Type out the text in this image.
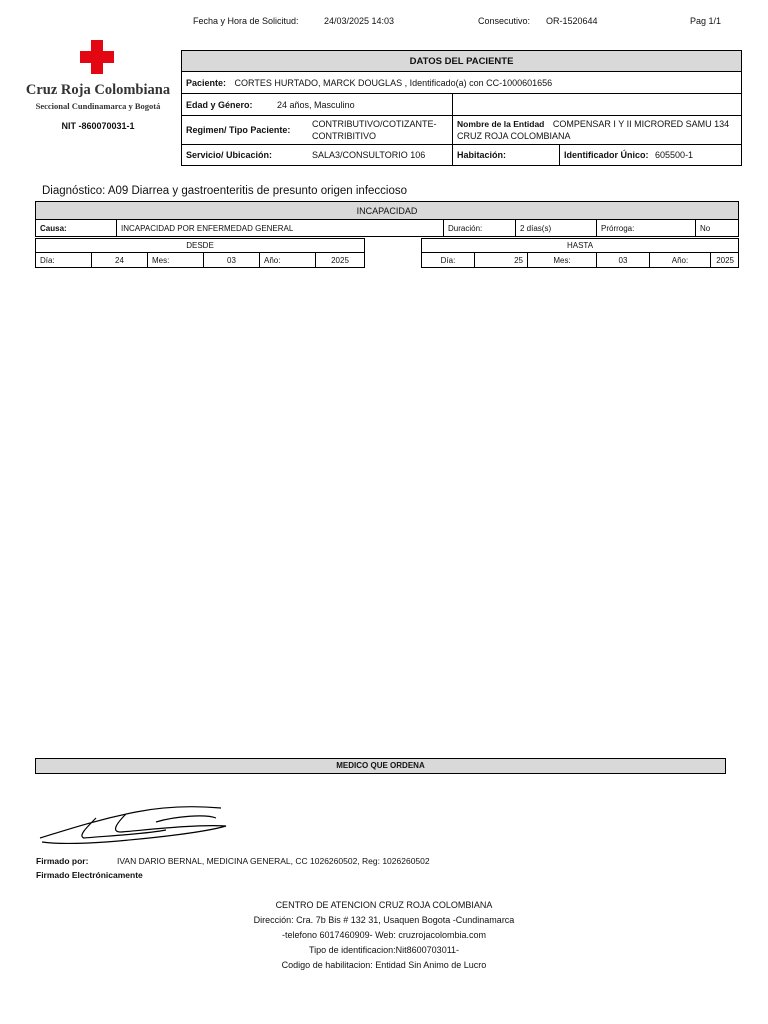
Fecha y Hora de Solicitud:	24/03/2025 14:03	Consecutivo: OR-1520644	Pag 1/1
Cruz Roja Colombiana
Seccional Cundinamarca y Bogotá
NIT -860070031-1
DATOS DEL PACIENTE			
Paciente: CORTES HURTADO, MARCK DOUGLAS , Identificado(a) con CC-1000601656			
Edad y Género: 24 años, Masculino			
Regimen/ Tipo Paciente:	CONTRIBUTIVO/COTIZANTE-CONTRIBITIVO	Nombre de la Entidad COMPENSAR I Y II MICRORED SAMU 134 CRUZ ROJA COLOMBIANA	
Servicio/ Ubicación:	SALA3/CONSULTORIO 106	Habitación:	Identificador Único: 605500-1
Diagnóstico: A09 Diarrea y gastroenteritis de presunto origen infeccioso
INCAPACIDAD
Causa:	INCAPACIDAD POR ENFERMEDAD GENERAL	Duración:	2 días(s)	Prórroga:	No
DESDE
Día:	24	Mes:	03	Año:	2025
HASTA
Día:	25	Mes:	03	Año:	2025
MEDICO QUE ORDENA
Firmado por:	IVAN DARIO BERNAL, MEDICINA GENERAL, CC 1026260502, Reg: 1026260502
Firmado Electrónicamente
CENTRO DE ATENCION CRUZ ROJA COLOMBIANA
Dirección: Cra. 7b Bis # 132 31, Usaquen Bogota -Cundinamarca
-telefono 6017460909- Web: cruzrojacolombia.com
Tipo de identificacion:Nit8600703011-
Codigo de habilitacion: Entidad Sin Animo de Lucro
